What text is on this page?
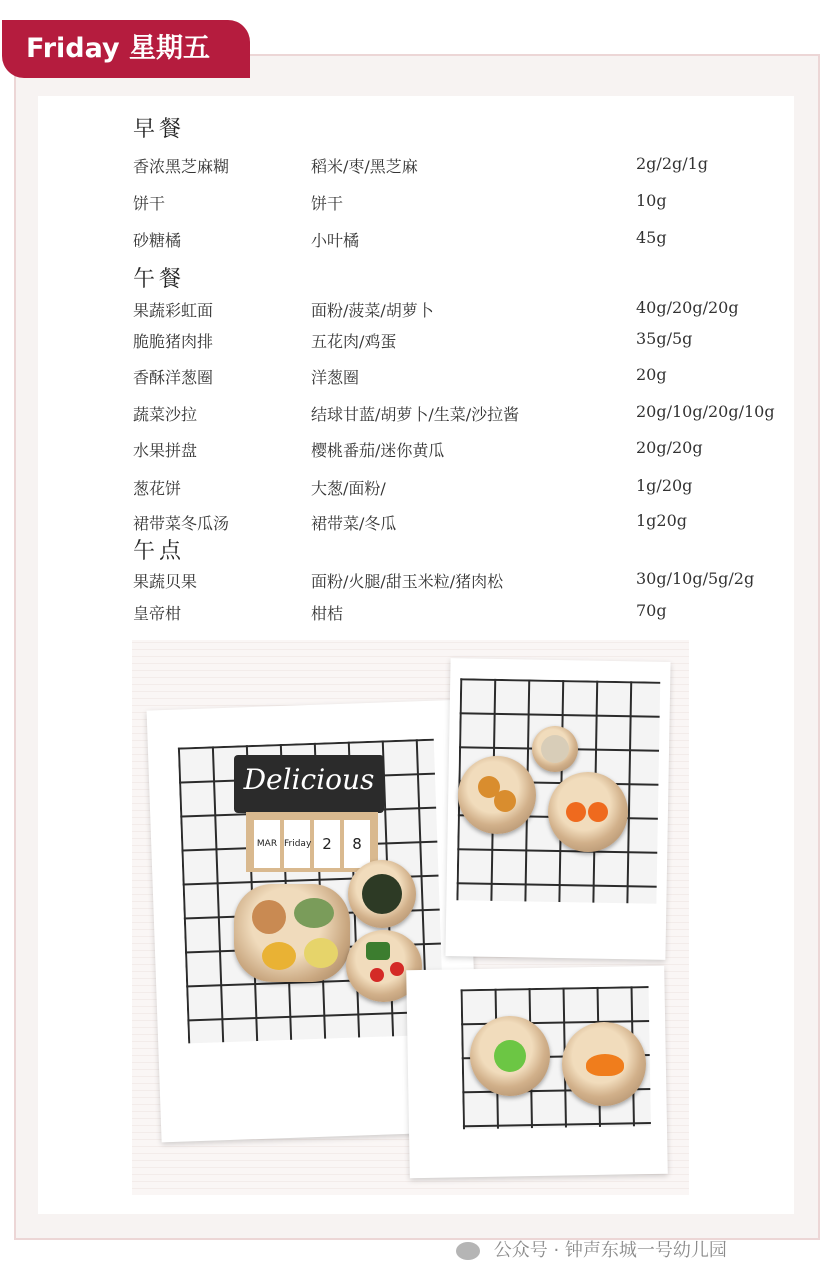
Friday 星期五
早餐
香浓黑芝麻糊	稻米/枣/黑芝麻	2g/2g/1g
饼干	饼干	10g
砂糖橘	小叶橘	45g
午餐
果蔬彩虹面	面粉/菠菜/胡萝卜	40g/20g/20g
脆脆猪肉排	五花肉/鸡蛋	35g/5g
香酥洋葱圈	洋葱圈	20g
蔬菜沙拉	结球甘蓝/胡萝卜/生菜/沙拉酱	20g/10g/20g/10g
水果拼盘	樱桃番茄/迷你黄瓜	20g/20g
葱花饼	大葱/面粉/	1g/20g
裙带菜冬瓜汤	裙带菜/冬瓜	1g20g
午点
果蔬贝果	面粉/火腿/甜玉米粒/猪肉松	30g/10g/5g/2g
皇帝柑	柑桔	70g
Delicious
MAR Friday 2	8
公众号 · 钟声东城一号幼儿园
